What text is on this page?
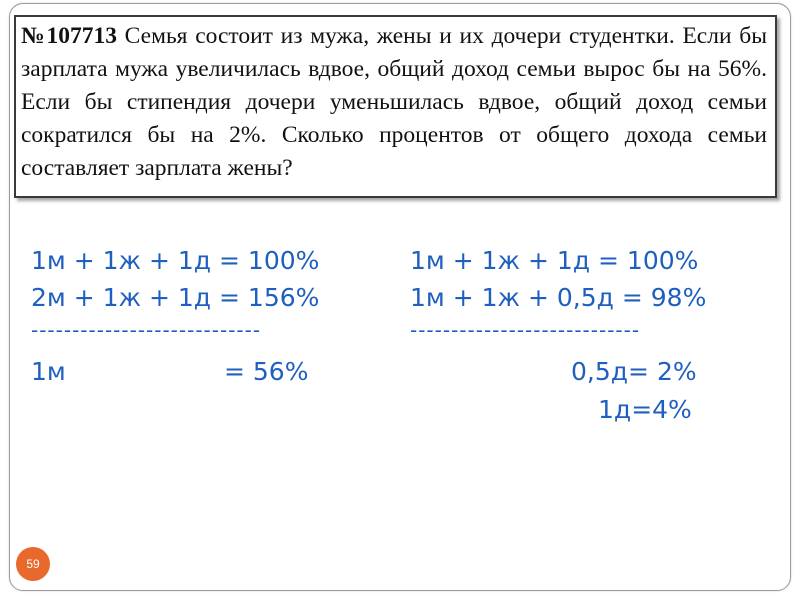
№107713 Семья состоит из мужа, жены и их дочери студентки. Если бы зарплата мужа увеличилась вдвое, общий доход семьи вырос бы на 56%. Если бы стипендия дочери уменьшилась вдвое, общий доход семьи сократился бы на 2%. Сколько процентов от общего дохода семьи составляет зарплата жены?

1м + 1ж + 1д = 100%
2м + 1ж + 1д = 156%
----------------------------
1м	= 56%
1м + 1ж + 1д = 100%
1м + 1ж + 0,5д = 98%
----------------------------
0,5д= 2%
1д=4%
59
